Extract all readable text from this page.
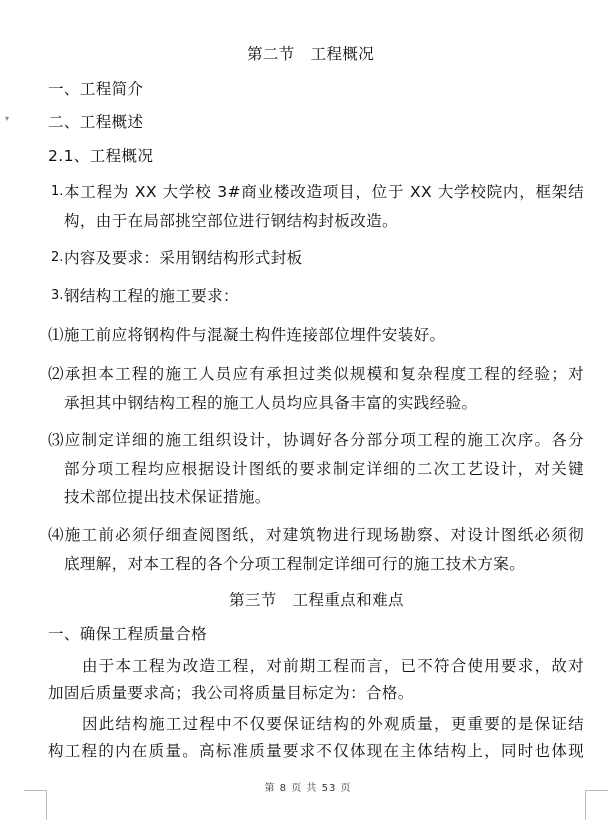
▾
第二节　工程概况
一、工程简介
二、工程概述
2.1、工程概况
1. 本工程为 XX 大学校 3#商业楼改造项目，位于 XX 大学校院内，框架结
构，由于在局部挑空部位进行钢结构封板改造。
2. 内容及要求：采用钢结构形式封板
3. 钢结构工程的施工要求：
⑴施工前应将钢构件与混凝土构件连接部位埋件安装好。
⑵承担本工程的施工人员应有承担过类似规模和复杂程度工程的经验；对
承担其中钢结构工程的施工人员均应具备丰富的实践经验。
⑶应制定详细的施工组织设计，协调好各分部分项工程的施工次序。各分
部分项工程均应根据设计图纸的要求制定详细的二次工艺设计，对关键
技术部位提出技术保证措施。
⑷施工前必须仔细查阅图纸，对建筑物进行现场勘察、对设计图纸必须彻
底理解，对本工程的各个分项工程制定详细可行的施工技术方案。
第三节　工程重点和难点
一、确保工程质量合格
由于本工程为改造工程，对前期工程而言，已不符合使用要求，故对
加固后质量要求高；我公司将质量目标定为：合格。
因此结构施工过程中不仅要保证结构的外观质量，更重要的是保证结
构工程的内在质量。高标准质量要求不仅体现在主体结构上，同时也体现
第 8 页 共 53 页
